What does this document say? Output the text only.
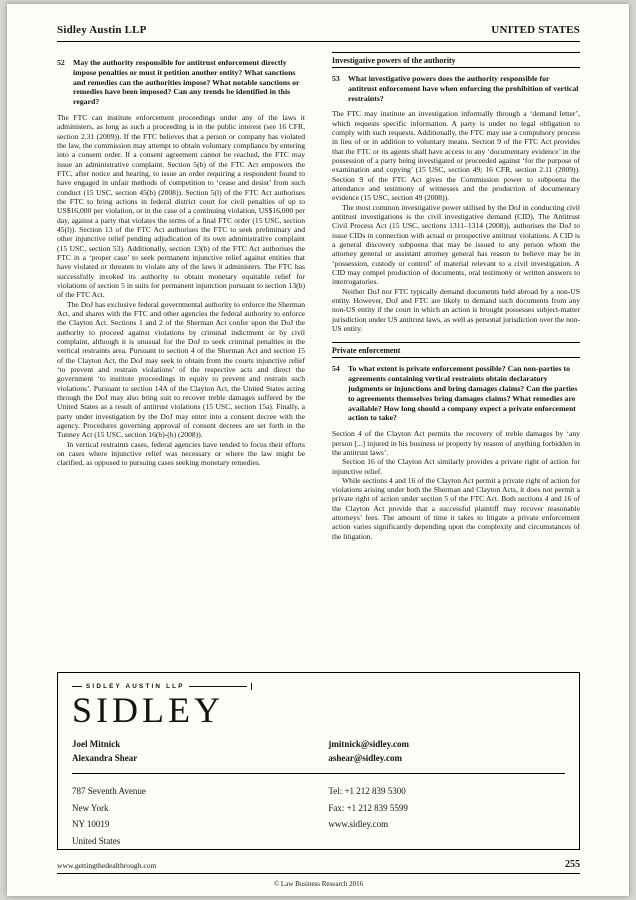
Sidley Austin LLP	UNITED STATES
52	May the authority responsible for antitrust enforcement directly impose penalties or must it petition another entity? What sanctions and remedies can the authorities impose? What notable sanctions or remedies have been imposed? Can any trends be identified in this regard?

The FTC can institute enforcement proceedings under any of the laws it administers, as long as such a proceeding is in the public interest (see 16 CFR, section 2.31 (2009)). If the FTC believes that a person or company has violated the law, the commission may attempt to obtain voluntary compliance by entering into a consent order. If a consent agreement cannot be reached, the FTC may issue an administrative complaint. Section 5(b) of the FTC Act empowers the FTC, after notice and hearing, to issue an order requiring a respondent found to have engaged in unfair methods of competition to ‘cease and desist’ from such conduct (15 USC, section 45(b) (2008)). Section 5(l) of the FTC Act authorises the FTC to bring actions in federal district court for civil penalties of up to US$16,000 per violation, or in the case of a continuing violation, US$16,000 per day, against a party that violates the terms of a final FTC order (15 USC, section 45(l)). Section 13 of the FTC Act authorises the FTC to seek preliminary and other injunctive relief pending adjudication of its own administrative complaint (15 USC, section 53). Additionally, section 13(b) of the FTC Act authorises the FTC in a ‘proper case’ to seek permanent injunctive relief against entities that have violated or threaten to violate any of the laws it administers. The FTC has successfully invoked its authority to obtain monetary equitable relief for violations of section 5 in suits for permanent injunction pursuant to section 13(b) of the FTC Act.

The DoJ has exclusive federal governmental authority to enforce the Sherman Act, and shares with the FTC and other agencies the federal authority to enforce the Clayton Act. Sections 1 and 2 of the Sherman Act confer upon the DoJ the authority to proceed against violations by criminal indictment or by civil complaint, although it is unusual for the DoJ to seek criminal penalties in the vertical restraints area. Pursuant to section 4 of the Sherman Act and section 15 of the Clayton Act, the DoJ may seek to obtain from the courts injunctive relief ‘to prevent and restrain violations’ of the respective acts and direct the government ‘to institute proceedings in equity to prevent and restrain such violations’. Pursuant to section 14A of the Clayton Act, the United States acting through the DoJ may also bring suit to recover treble damages suffered by the United States as a result of antitrust violations (15 USC, section 15a). Finally, a party under investigation by the DoJ may enter into a consent decree with the agency. Procedures governing approval of consent decrees are set forth in the Tunney Act (15 USC, section 16(b)-(h) (2008)).

In vertical restraints cases, federal agencies have tended to focus their efforts on cases where injunctive relief was necessary or where the law might be clarified, as opposed to pursuing cases seeking monetary remedies.

Investigative powers of the authority
53	What investigative powers does the authority responsible for antitrust enforcement have when enforcing the prohibition of vertical restraints?

The FTC may institute an investigation informally through a ‘demand letter’, which requests specific information. A party is under no legal obligation to comply with such requests. Additionally, the FTC may use a compulsory process in lieu of or in addition to voluntary means. Section 9 of the FTC Act provides that the FTC or its agents shall have access to any ‘documentary evidence’ in the possession of a party being investigated or proceeded against ‘for the purpose of examination and copying’ (15 USC, section 49; 16 CFR, section 2.11 (2009)). Section 9 of the FTC Act gives the Commission power to subpoena the attendance and testimony of witnesses and the production of documentary evidence (15 USC, section 49 (2008)).

The most common investigative power utilised by the DoJ in conducting civil antitrust investigations is the civil investigative demand (CID). The Antitrust Civil Process Act (15 USC, sections 1311–1314 (2008)), authorises the DoJ to issue CIDs in connection with actual or prospective antitrust violations. A CID is a general discovery subpoena that may be issued to any person whom the attorney general or assistant attorney general has reason to believe may be in ‘possession, custody or control’ of material relevant to a civil investigation. A CID may compel production of documents, oral testimony or written answers to interrogatories.

Neither DoJ nor FTC typically demand documents held abroad by a non-US entity. However, DoJ and FTC are likely to demand such documents from any non-US entity if the court in which an action is brought possesses subject-matter jurisdiction under US antitrust laws, as well as personal jurisdiction over the non-US entity.

Private enforcement
54	To what extent is private enforcement possible? Can non-parties to agreements containing vertical restraints obtain declaratory judgments or injunctions and bring damages claims? Can the parties to agreements themselves bring damages claims? What remedies are available? How long should a company expect a private enforcement action to take?

Section 4 of the Clayton Act permits the recovery of treble damages by ‘any person [...] injured in his business or property by reason of anything forbidden in the antitrust laws’.

Section 16 of the Clayton Act similarly provides a private right of action for injunctive relief.

While sections 4 and 16 of the Clayton Act permit a private right of action for violations arising under both the Sherman and Clayton Acts, it does not permit a private right of action under section 5 of the FTC Act. Both sections 4 and 16 of the Clayton Act provide that a successful plaintiff may recover reasonable attorneys’ fees. The amount of time it takes to litigate a private enforcement action varies significantly depending upon the complexity and circumstances of the litigation.

SIDLEY AUSTIN LLP
SIDLEY
Joel Mitnick
Alexandra Shear
jmitnick@sidley.com
ashear@sidley.com
787 Seventh Avenue
New York
NY 10019
United States
Tel: +1 212 839 5300
Fax: +1 212 839 5599
www.sidley.com
www.gettingthedealthrough.com	255
© Law Business Research 2016
